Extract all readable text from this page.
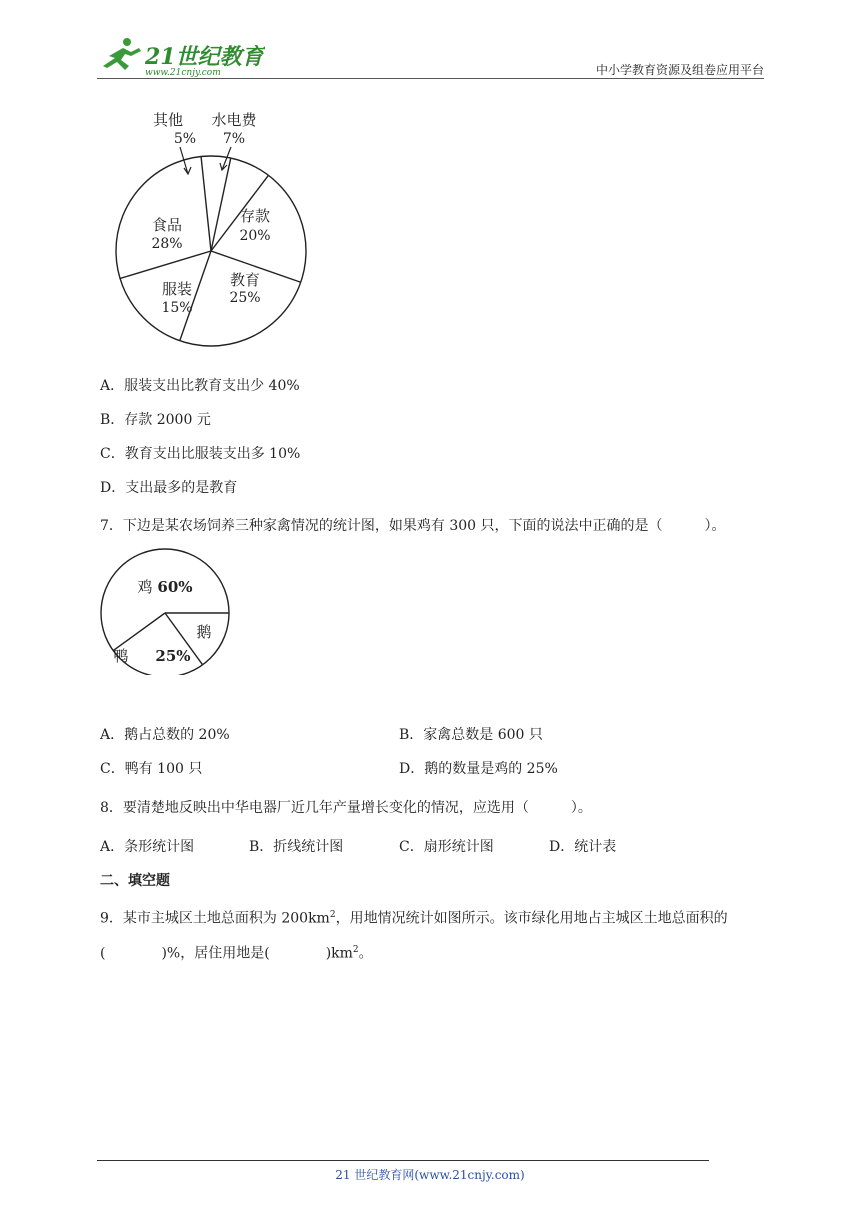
21世纪教育
www.21cnjy.com	中小学教育资源及组卷应用平台
其他
5%
水电费
7%
存款
20%
教育
25%
服装
15%
食品
28%
A．服装支出比教育支出少 40%
B．存款 2000 元
C．教育支出比服装支出多 10%
D．支出最多的是教育
7．下边是某农场饲养三种家禽情况的统计图，如果鸡有 300 只，下面的说法中正确的是（　　　）。
鸡 60%
鸭 25%
鹅
A．鹅占总数的 20%	B．家禽总数是 600 只
C．鸭有 100 只	D．鹅的数量是鸡的 25%
8．要清楚地反映出中华电器厂近几年产量增长变化的情况，应选用（　　　）。
A．条形统计图	B．折线统计图	C．扇形统计图	D．统计表
二、填空题
9．某市主城区土地总面积为 $200km^2$，用地情况统计如图所示。该市绿化用地占主城区土地总面积的
(　　　　)%，居住用地是(　　　　)$km^2$。
21 世纪教育网(www.21cnjy.com)
